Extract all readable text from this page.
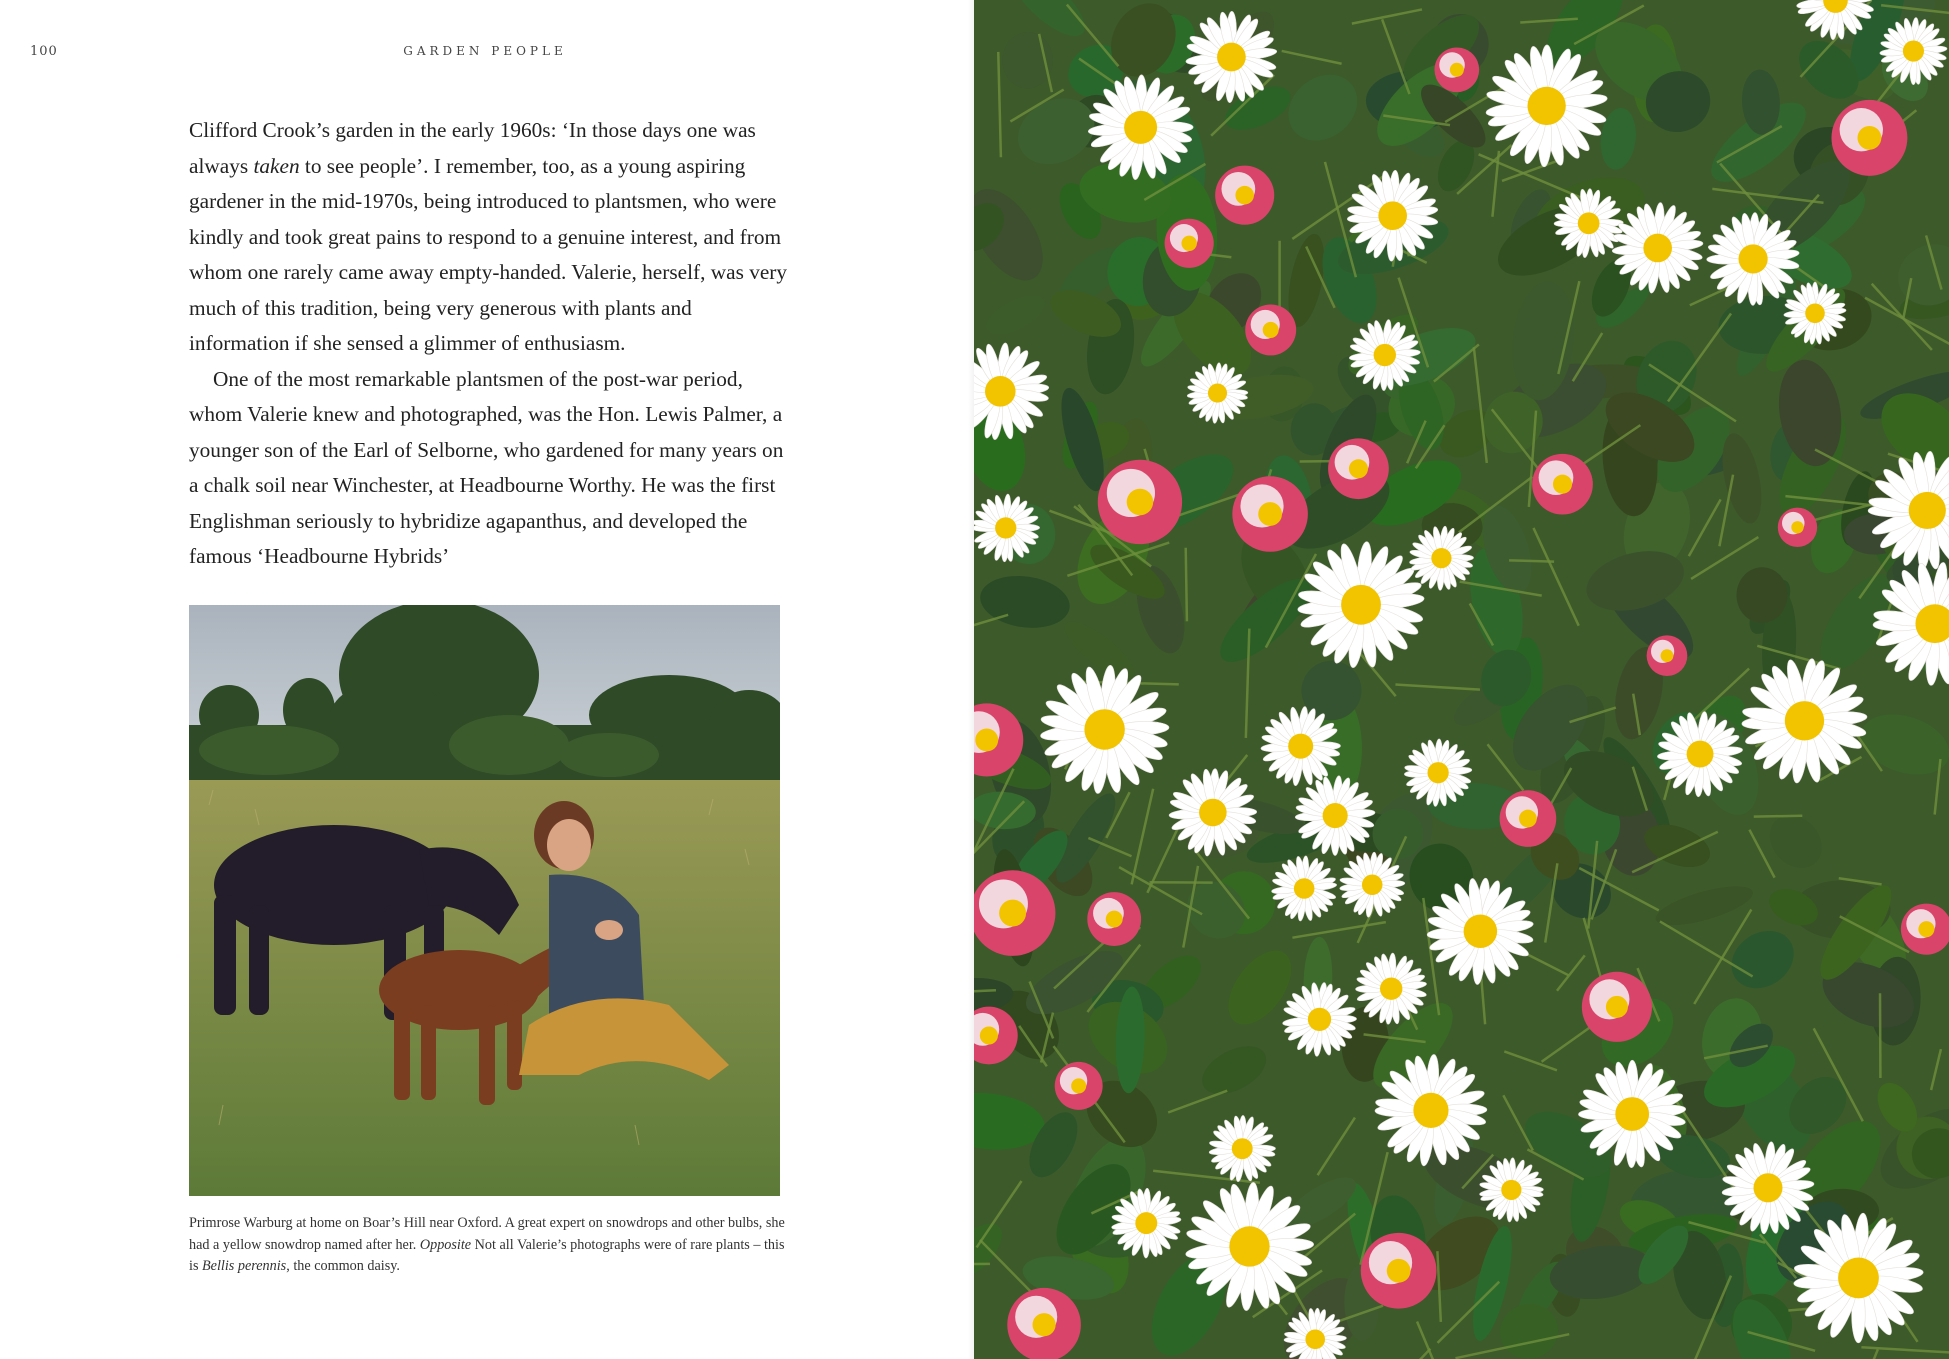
100	GARDEN PEOPLE

Clifford Crook’s garden in the early 1960s: ‘In those days one was always taken to see people’. I remember, too, as a young aspiring gardener in the mid-1970s, being introduced to plantsmen, who were kindly and took great pains to respond to a genuine interest, and from whom one rarely came away empty-handed. Valerie, herself, was very much of this tradition, being very generous with plants and information if she sensed a glimmer of enthusiasm.

One of the most remarkable plantsmen of the post-war period, whom Valerie knew and photographed, was the Hon. Lewis Palmer, a younger son of the Earl of Selborne, who gardened for many years on a chalk soil near Winchester, at Headbourne Worthy. He was the first Englishman seriously to hybridize agapanthus, and developed the famous ‘Headbourne Hybrids’

Primrose Warburg at home on Boar’s Hill near Oxford. A great expert on snowdrops and other bulbs, she had a yellow snowdrop named after her. Opposite Not all Valerie’s photographs were of rare plants – this is Bellis perennis, the common daisy.
